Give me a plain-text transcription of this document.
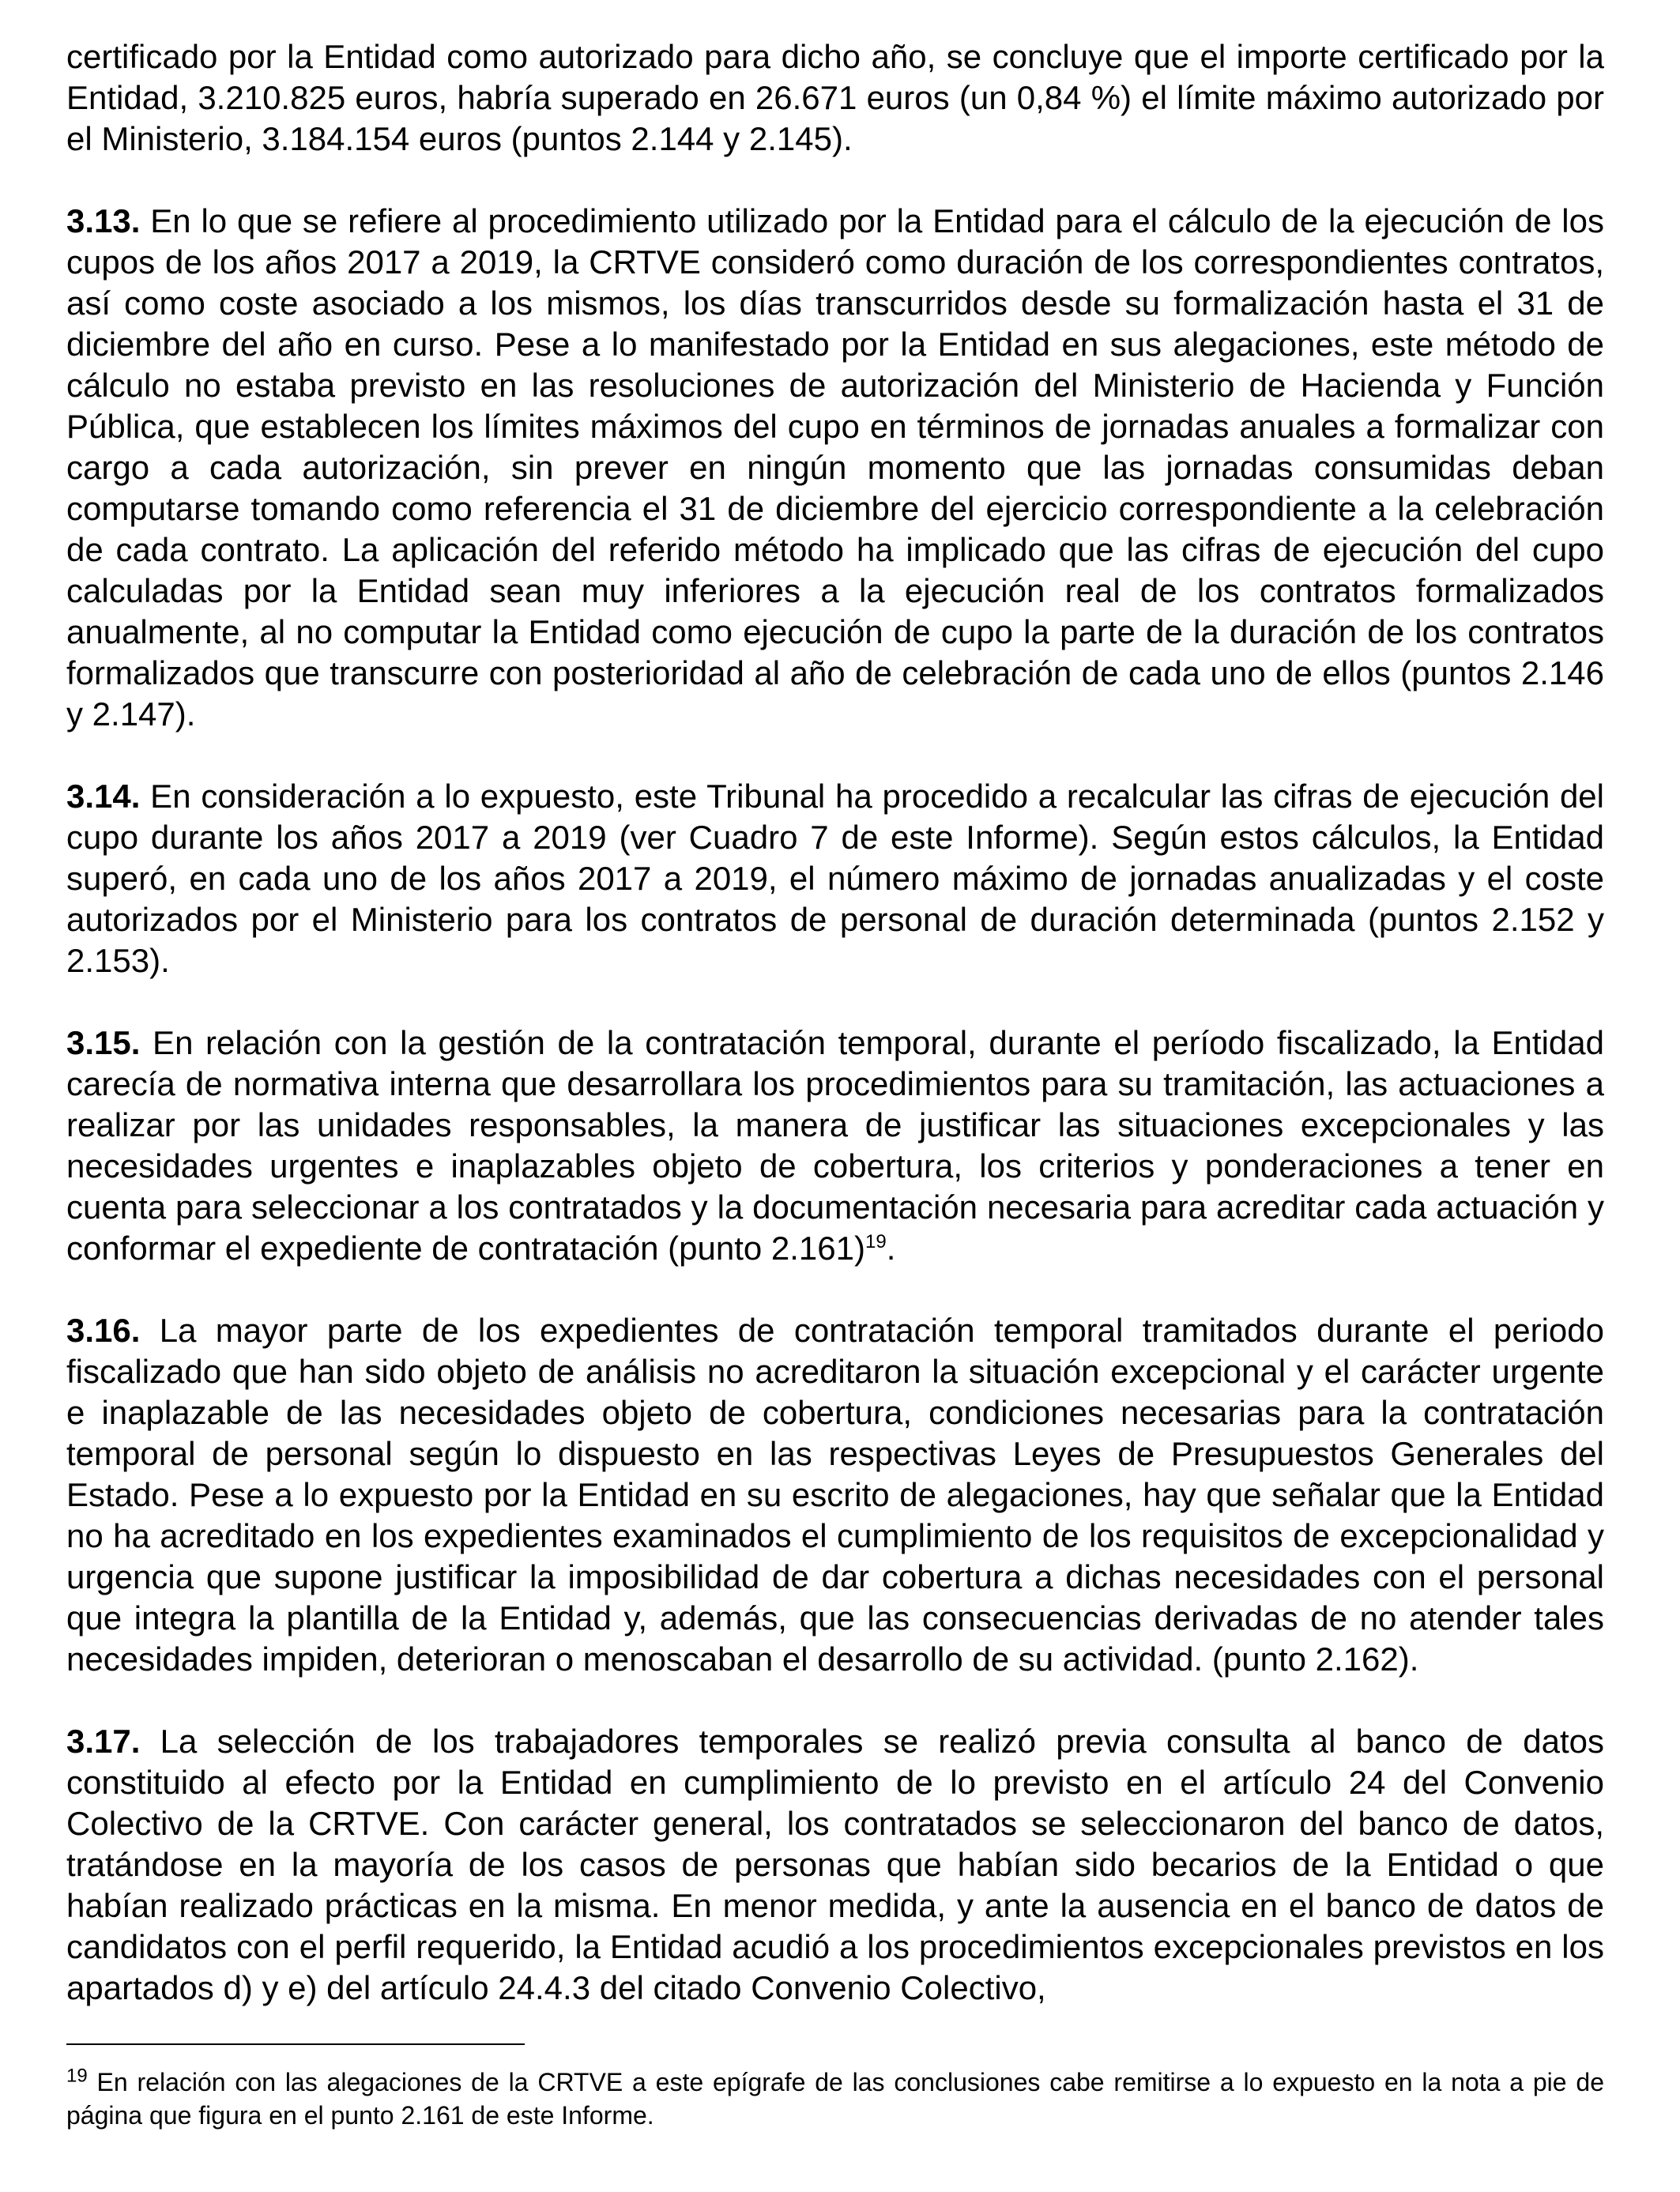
certificado por la Entidad como autorizado para dicho año, se concluye que el importe certificado por la Entidad, 3.210.825 euros, habría superado en 26.671 euros (un 0,84 %) el límite máximo autorizado por el Ministerio, 3.184.154 euros (puntos 2.144 y 2.145).

3.13. En lo que se refiere al procedimiento utilizado por la Entidad para el cálculo de la ejecución de los cupos de los años 2017 a 2019, la CRTVE consideró como duración de los correspondientes contratos, así como coste asociado a los mismos, los días transcurridos desde su formalización hasta el 31 de diciembre del año en curso. Pese a lo manifestado por la Entidad en sus alegaciones, este método de cálculo no estaba previsto en las resoluciones de autorización del Ministerio de Hacienda y Función Pública, que establecen los límites máximos del cupo en términos de jornadas anuales a formalizar con cargo a cada autorización, sin prever en ningún momento que las jornadas consumidas deban computarse tomando como referencia el 31 de diciembre del ejercicio correspondiente a la celebración de cada contrato. La aplicación del referido método ha implicado que las cifras de ejecución del cupo calculadas por la Entidad sean muy inferiores a la ejecución real de los contratos formalizados anualmente, al no computar la Entidad como ejecución de cupo la parte de la duración de los contratos formalizados que transcurre con posterioridad al año de celebración de cada uno de ellos (puntos 2.146 y 2.147).

3.14. En consideración a lo expuesto, este Tribunal ha procedido a recalcular las cifras de ejecución del cupo durante los años 2017 a 2019 (ver Cuadro 7 de este Informe). Según estos cálculos, la Entidad superó, en cada uno de los años 2017 a 2019, el número máximo de jornadas anualizadas y el coste autorizados por el Ministerio para los contratos de personal de duración determinada (puntos 2.152 y 2.153).

3.15. En relación con la gestión de la contratación temporal, durante el período fiscalizado, la Entidad carecía de normativa interna que desarrollara los procedimientos para su tramitación, las actuaciones a realizar por las unidades responsables, la manera de justificar las situaciones excepcionales y las necesidades urgentes e inaplazables objeto de cobertura, los criterios y ponderaciones a tener en cuenta para seleccionar a los contratados y la documentación necesaria para acreditar cada actuación y conformar el expediente de contratación (punto 2.161)$^{19}$.

3.16. La mayor parte de los expedientes de contratación temporal tramitados durante el periodo fiscalizado que han sido objeto de análisis no acreditaron la situación excepcional y el carácter urgente e inaplazable de las necesidades objeto de cobertura, condiciones necesarias para la contratación temporal de personal según lo dispuesto en las respectivas Leyes de Presupuestos Generales del Estado. Pese a lo expuesto por la Entidad en su escrito de alegaciones, hay que señalar que la Entidad no ha acreditado en los expedientes examinados el cumplimiento de los requisitos de excepcionalidad y urgencia que supone justificar la imposibilidad de dar cobertura a dichas necesidades con el personal que integra la plantilla de la Entidad y, además, que las consecuencias derivadas de no atender tales necesidades impiden, deterioran o menoscaban el desarrollo de su actividad. (punto 2.162).

3.17. La selección de los trabajadores temporales se realizó previa consulta al banco de datos constituido al efecto por la Entidad en cumplimiento de lo previsto en el artículo 24 del Convenio Colectivo de la CRTVE. Con carácter general, los contratados se seleccionaron del banco de datos, tratándose en la mayoría de los casos de personas que habían sido becarios de la Entidad o que habían realizado prácticas en la misma. En menor medida, y ante la ausencia en el banco de datos de candidatos con el perfil requerido, la Entidad acudió a los procedimientos excepcionales previstos en los apartados d) y e) del artículo 24.4.3 del citado Convenio Colectivo,

$^{19}$ En relación con las alegaciones de la CRTVE a este epígrafe de las conclusiones cabe remitirse a lo expuesto en la nota a pie de página que figura en el punto 2.161 de este Informe.
